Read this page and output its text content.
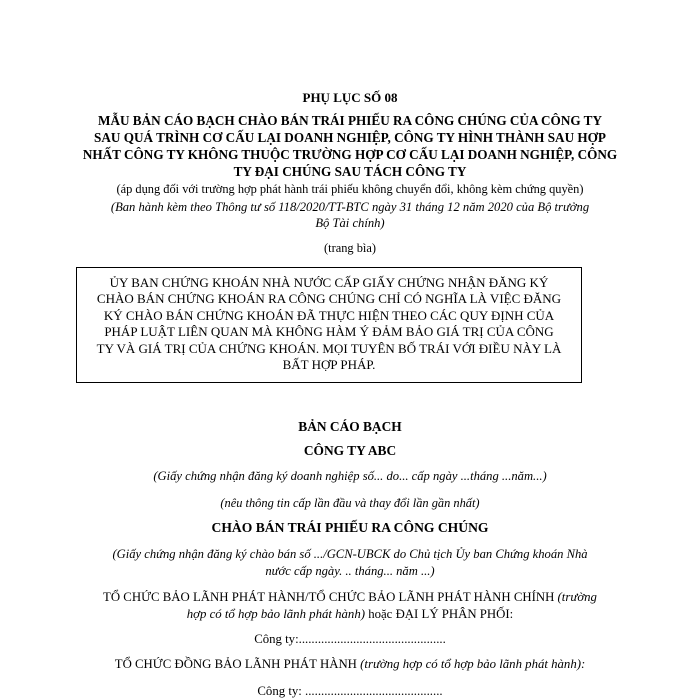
PHỤ LỤC SỐ 08
MẪU BẢN CÁO BẠCH CHÀO BÁN TRÁI PHIẾU RA CÔNG CHÚNG CỦA CÔNG TY
SAU QUÁ TRÌNH CƠ CẤU LẠI DOANH NGHIỆP, CÔNG TY HÌNH THÀNH SAU HỢP
NHẤT CÔNG TY KHÔNG THUỘC TRƯỜNG HỢP CƠ CẤU LẠI DOANH NGHIỆP, CÔNG
TY ĐẠI CHÚNG SAU TÁCH CÔNG TY
(áp dụng đối với trường hợp phát hành trái phiếu không chuyển đổi, không kèm chứng quyền)
(Ban hành kèm theo Thông tư số 118/2020/TT-BTC ngày 31 tháng 12 năm 2020 của Bộ trưởng
Bộ Tài chính)
(trang bìa)
ỦY BAN CHỨNG KHOÁN NHÀ NƯỚC CẤP GIẤY CHỨNG NHẬN ĐĂNG KÝ
CHÀO BÁN CHỨNG KHOÁN RA CÔNG CHÚNG CHỈ CÓ NGHĨA LÀ VIỆC ĐĂNG
KÝ CHÀO BÁN CHỨNG KHOÁN ĐÃ THỰC HIỆN THEO CÁC QUY ĐỊNH CỦA
PHÁP LUẬT LIÊN QUAN MÀ KHÔNG HÀM Ý ĐẢM BẢO GIÁ TRỊ CỦA CÔNG
TY VÀ GIÁ TRỊ CỦA CHỨNG KHOÁN. MỌI TUYÊN BỐ TRÁI VỚI ĐIỀU NÀY LÀ
BẤT HỢP PHÁP.
BẢN CÁO BẠCH
CÔNG TY ABC
(Giấy chứng nhận đăng ký doanh nghiệp số... do... cấp ngày ...tháng ...năm...)
(nêu thông tin cấp lần đầu và thay đổi lần gần nhất)
CHÀO BÁN TRÁI PHIẾU RA CÔNG CHÚNG
(Giấy chứng nhận đăng ký chào bán số .../GCN-UBCK do Chủ tịch Ủy ban Chứng khoán Nhà
nước cấp ngày. .. tháng... năm ...)
TỔ CHỨC BẢO LÃNH PHÁT HÀNH/TỔ CHỨC BẢO LÃNH PHÁT HÀNH CHÍNH (trường
hợp có tổ hợp bảo lãnh phát hành) hoặc ĐẠI LÝ PHÂN PHỐI:
Công ty:..............................................
TỔ CHỨC ĐỒNG BẢO LÃNH PHÁT HÀNH (trường hợp có tổ hợp bảo lãnh phát hành):
Công ty: ...........................................
